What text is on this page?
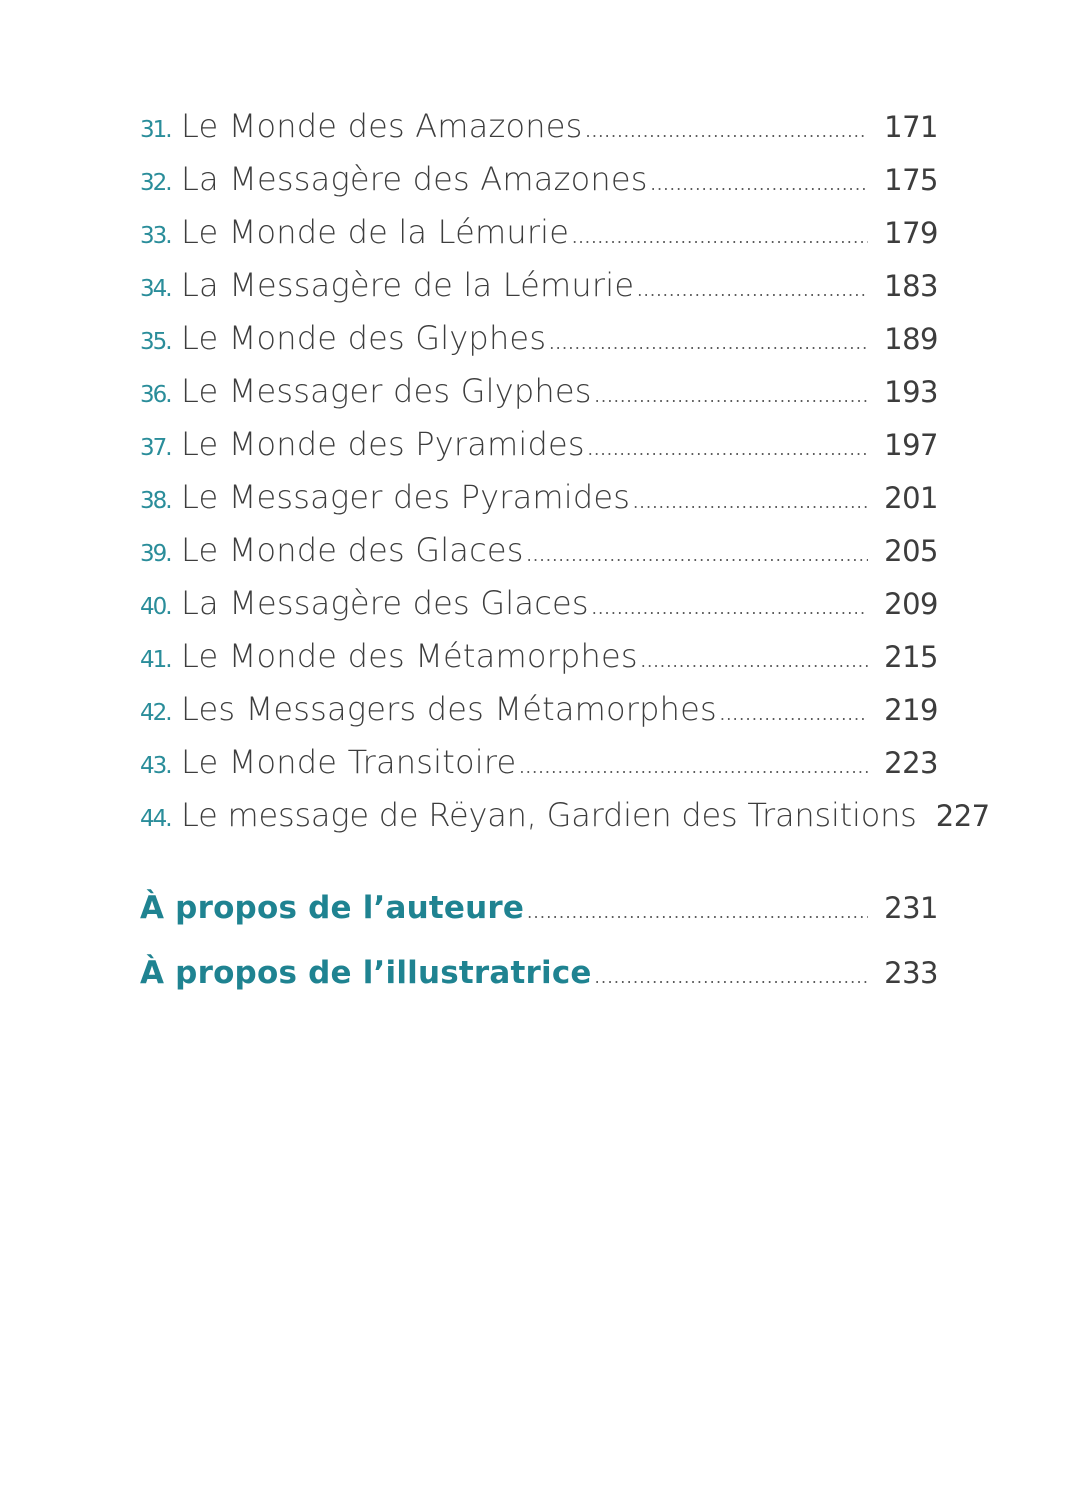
31. Le Monde des Amazones .....	171
32. La Messagère des Amazones .....	175
33. Le Monde de la Lémurie .....	179
34. La Messagère de la Lémurie .....	183
35. Le Monde des Glyphes .....	189
36. Le Messager des Glyphes .....	193
37. Le Monde des Pyramides .....	197
38. Le Messager des Pyramides .....	201
39. Le Monde des Glaces .....	205
40. La Messagère des Glaces .....	209
41. Le Monde des Métamorphes .....	215
42. Les Messagers des Métamorphes .....	219
43. Le Monde Transitoire .....	223
44. Le message de Rëyan, Gardien des Transitions 227
À propos de l’auteure .....	231
À propos de l’illustratrice .....	233
